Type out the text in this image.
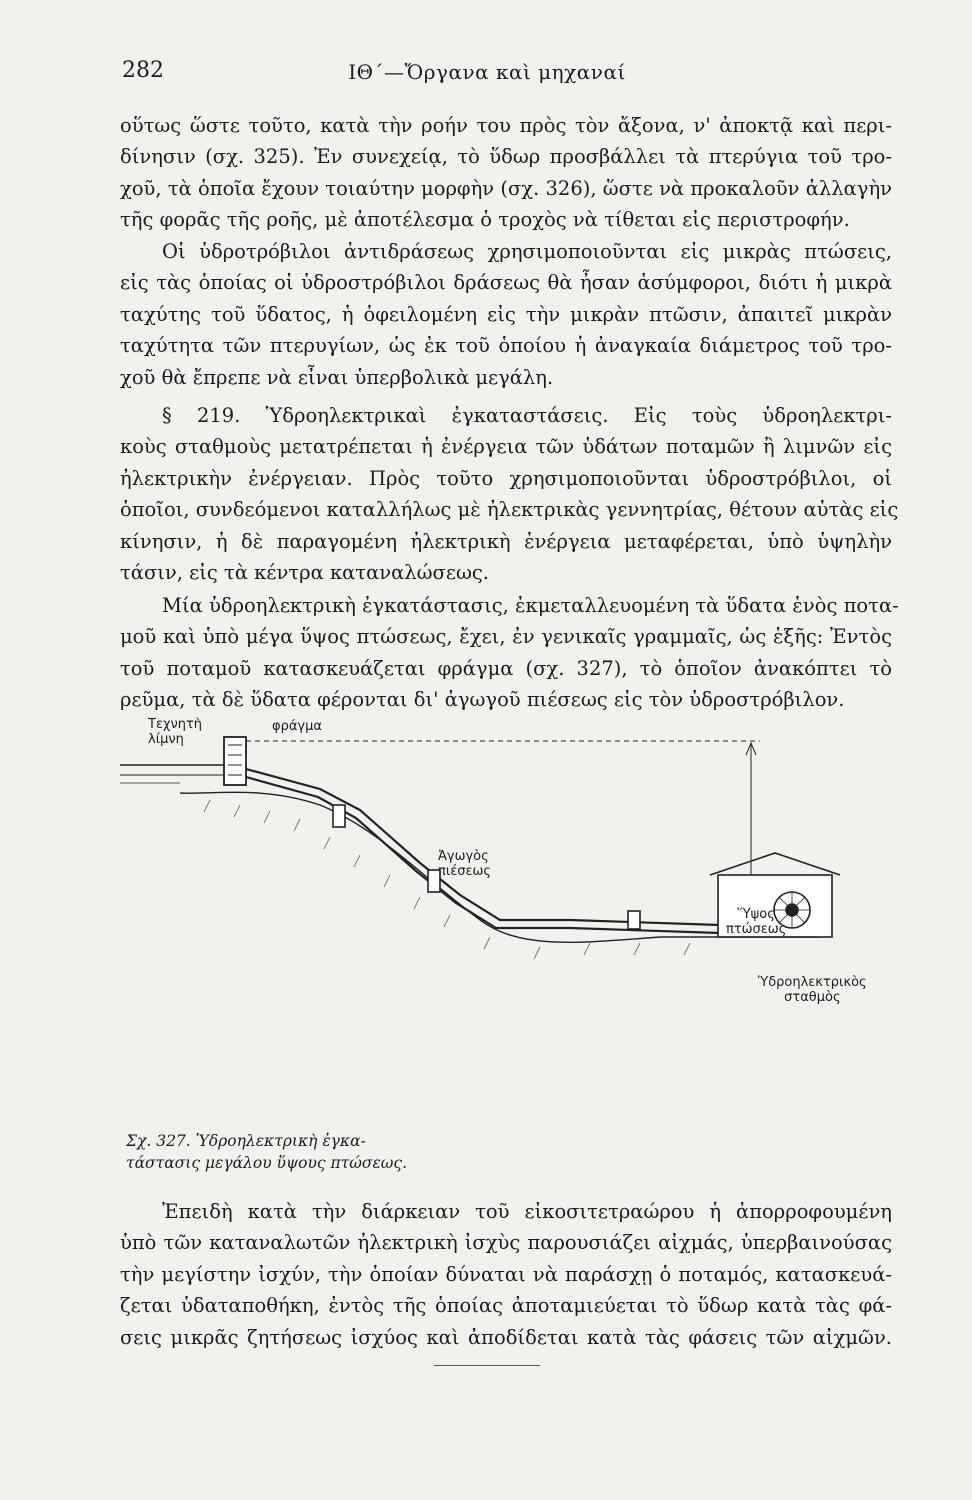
282	ΙΘ΄—Ὄργανα καὶ μηχαναί
οὕτως ὥστε τοῦτο, κατὰ τὴν ροήν του πρὸς τὸν ἄξονα, ν' ἀποκτᾷ καὶ περι-
δίνησιν (σχ. 325). Ἐν συνεχείᾳ, τὸ ὕδωρ προσβάλλει τὰ πτερύγια τοῦ τρο-
χοῦ, τὰ ὁποῖα ἔχουν τοιαύτην μορφὴν (σχ. 326), ὥστε νὰ προκαλοῦν ἀλλαγὴν
τῆς φορᾶς τῆς ροῆς, μὲ ἀποτέλεσμα ὁ τροχὸς νὰ τίθεται εἰς περιστροφήν.
Οἱ ὑδροτρόβιλοι ἀντιδράσεως χρησιμοποιοῦνται εἰς μικρὰς πτώσεις,
εἰς τὰς ὁποίας οἱ ὑδροστρόβιλοι δράσεως θὰ ἦσαν ἀσύμφοροι, διότι ἡ μικρὰ
ταχύτης τοῦ ὕδατος, ἡ ὀφειλομένη εἰς τὴν μικρὰν πτῶσιν, ἀπαιτεῖ μικρὰν
ταχύτητα τῶν πτερυγίων, ὡς ἐκ τοῦ ὁποίου ἡ ἀναγκαία διάμετρος τοῦ τρο-
χοῦ θὰ ἔπρεπε νὰ εἶναι ὑπερβολικὰ μεγάλη.
§ 219. Ὑδροηλεκτρικαὶ ἐγκαταστάσεις. Εἰς τοὺς ὑδροηλεκτρι-
κοὺς σταθμοὺς μετατρέπεται ἡ ἐνέργεια τῶν ὑδάτων ποταμῶν ἢ λιμνῶν εἰς
ἠλεκτρικὴν ἐνέργειαν. Πρὸς τοῦτο χρησιμοποιοῦνται ὑδροστρόβιλοι, οἱ
ὁποῖοι, συνδεόμενοι καταλλήλως μὲ ἠλεκτρικὰς γεννητρίας, θέτουν αὐτὰς εἰς
κίνησιν, ἡ δὲ παραγομένη ἠλεκτρικὴ ἐνέργεια μεταφέρεται, ὑπὸ ὑψηλὴν
τάσιν, εἰς τὰ κέντρα καταναλώσεως.
Μία ὑδροηλεκτρικὴ ἐγκατάστασις, ἐκμεταλλευομένη τὰ ὕδατα ἑνὸς ποτα-
μοῦ καὶ ὑπὸ μέγα ὕψος πτώσεως, ἔχει, ἐν γενικαῖς γραμμαῖς, ὡς ἑξῆς: Ἐντὸς
τοῦ ποταμοῦ κατασκευάζεται φράγμα (σχ. 327), τὸ ὁποῖον ἀνακόπτει τὸ
ρεῦμα, τὰ δὲ ὕδατα φέρονται δι' ἀγωγοῦ πιέσεως εἰς τὸν ὑδροστρόβιλον.
Τεχνητὴ
λίμνη
φράγμα
Ἀγωγὸς
πιέσεως
Ὕψος
πτώσεως
Ὑδροηλεκτρικὸς
σταθμὸς
Σχ. 327. Ὑδροηλεκτρικὴ ἐγκα-
τάστασις μεγάλου ὕψους πτώσεως.
Ἐπειδὴ κατὰ τὴν διάρκειαν τοῦ εἰκοσιτετραώρου ἡ ἀπορροφουμένη
ὑπὸ τῶν καταναλωτῶν ἠλεκτρικὴ ἰσχὺς παρουσιάζει αἰχμάς, ὑπερβαινούσας
τὴν μεγίστην ἰσχύν, τὴν ὁποίαν δύναται νὰ παράσχῃ ὁ ποταμός, κατασκευά-
ζεται ὑδαταποθήκη, ἐντὸς τῆς ὁποίας ἀποταμιεύεται τὸ ὕδωρ κατὰ τὰς φά-
σεις μικρᾶς ζητήσεως ἰσχύος καὶ ἀποδίδεται κατὰ τὰς φάσεις τῶν αἰχμῶν.
